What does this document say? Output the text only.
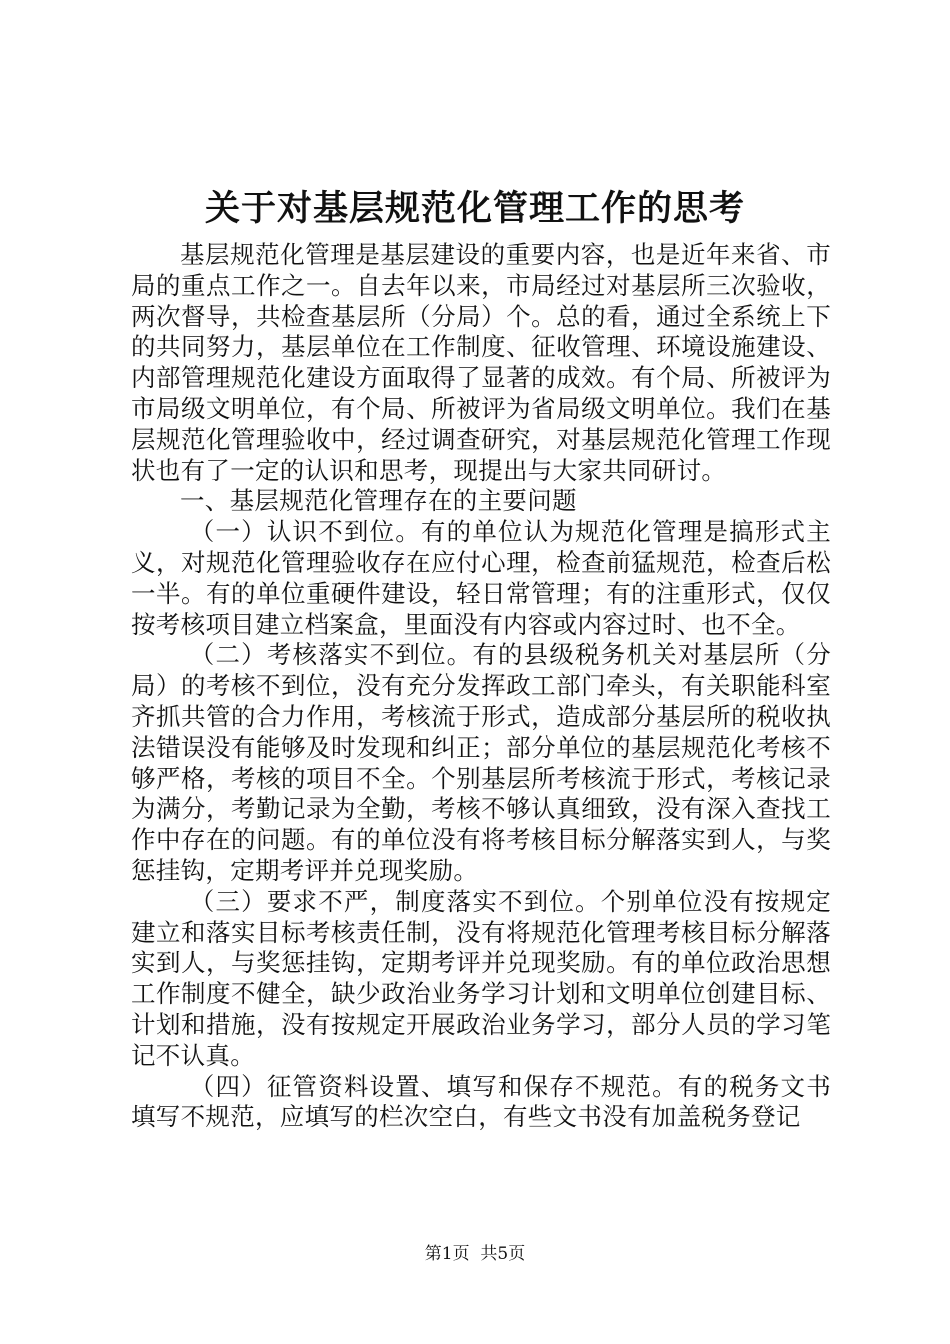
关于对基层规范化管理工作的思考

基层规范化管理是基层建设的重要内容，也是近年来省、市局的重点工作之一。自去年以来，市局经过对基层所三次验收，两次督导，共检查基层所（分局）个。总的看，通过全系统上下的共同努力，基层单位在工作制度、征收管理、环境设施建设、内部管理规范化建设方面取得了显著的成效。有个局、所被评为市局级文明单位，有个局、所被评为省局级文明单位。我们在基层规范化管理验收中，经过调查研究，对基层规范化管理工作现状也有了一定的认识和思考，现提出与大家共同研讨。

一、基层规范化管理存在的主要问题

（一）认识不到位。有的单位认为规范化管理是搞形式主义，对规范化管理验收存在应付心理，检查前猛规范，检查后松一半。有的单位重硬件建设，轻日常管理；有的注重形式，仅仅按考核项目建立档案盒，里面没有内容或内容过时、也不全。

（二）考核落实不到位。有的县级税务机关对基层所（分局）的考核不到位，没有充分发挥政工部门牵头，有关职能科室齐抓共管的合力作用，考核流于形式，造成部分基层所的税收执法错误没有能够及时发现和纠正；部分单位的基层规范化考核不够严格，考核的项目不全。个别基层所考核流于形式，考核记录为满分，考勤记录为全勤，考核不够认真细致，没有深入查找工作中存在的问题。有的单位没有将考核目标分解落实到人，与奖惩挂钩，定期考评并兑现奖励。

（三）要求不严，制度落实不到位。个别单位没有按规定建立和落实目标考核责任制，没有将规范化管理考核目标分解落实到人，与奖惩挂钩，定期考评并兑现奖励。有的单位政治思想工作制度不健全，缺少政治业务学习计划和文明单位创建目标、计划和措施，没有按规定开展政治业务学习，部分人员的学习笔记不认真。

（四）征管资料设置、填写和保存不规范。有的税务文书填写不规范，应填写的栏次空白，有些文书没有加盖税务登记

第1页 共5页
